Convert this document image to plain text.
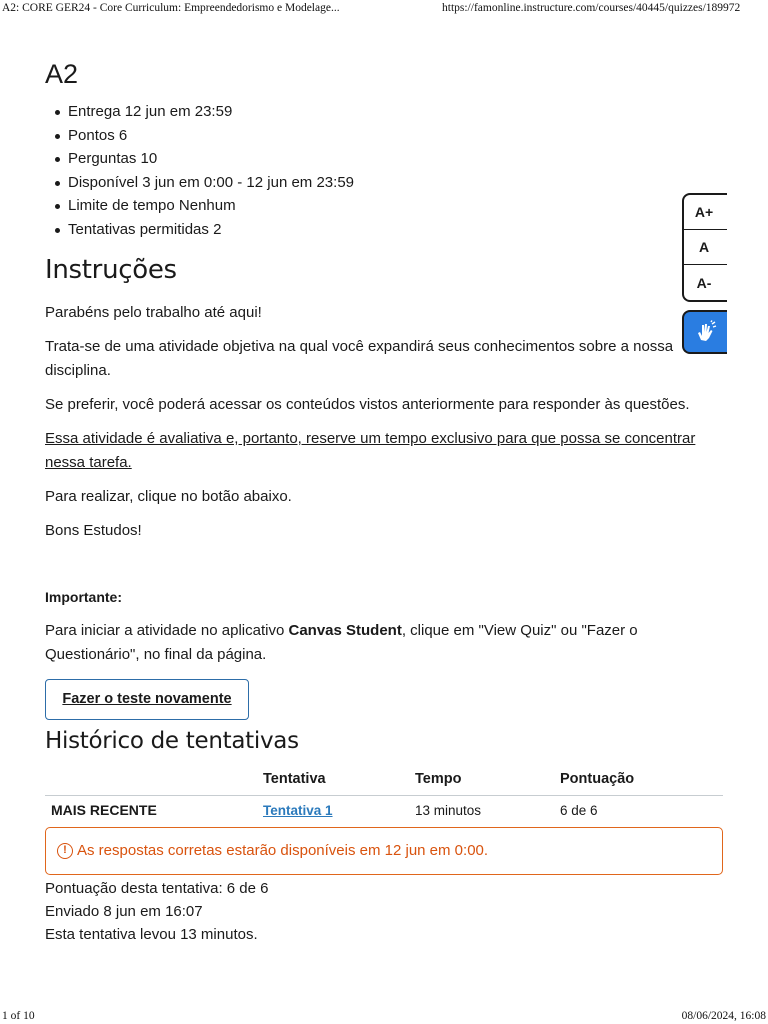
A2: CORE GER24 - Core Curriculum: Empreendedorismo e Modelage...	https://famonline.instructure.com/courses/40445/quizzes/189972
A2
Entrega 12 jun em 23:59
Pontos 6
Perguntas 10
Disponível 3 jun em 0:00 - 12 jun em 23:59
Limite de tempo Nenhum
Tentativas permitidas 2
Instruções

Parabéns pelo trabalho até aqui!

Trata-se de uma atividade objetiva na qual você expandirá seus conhecimentos sobre a nossa disciplina.

Se preferir, você poderá acessar os conteúdos vistos anteriormente para responder às questões.

Essa atividade é avaliativa e, portanto, reserve um tempo exclusivo para que possa se concentrar nessa tarefa.

Para realizar, clique no botão abaixo.

Bons Estudos!

Importante:

Para iniciar a atividade no aplicativo Canvas Student, clique em "View Quiz" ou "Fazer o Questionário", no final da página.

Fazer o teste novamente
Histórico de tentativas
	Tentativa	Tempo	Pontuação
MAIS RECENTE	Tentativa 1	13 minutos	6 de 6
! As respostas corretas estarão disponíveis em 12 jun em 0:00.
Pontuação desta tentativa: 6 de 6
Enviado 8 jun em 16:07
Esta tentativa levou 13 minutos.
A+
A
A-
1 of 10	08/06/2024, 16:08
